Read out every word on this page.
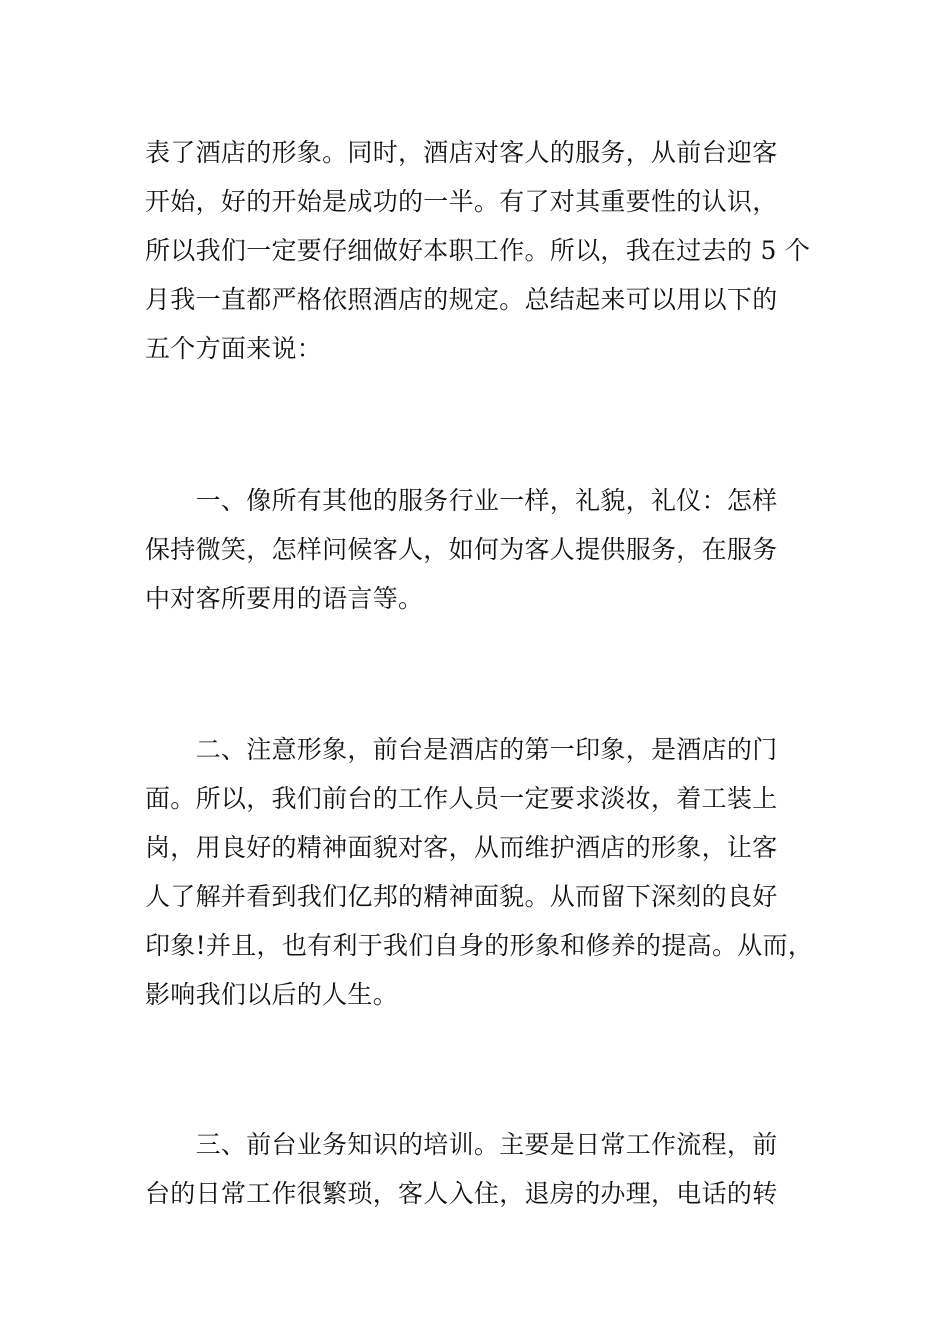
表了酒店的形象。同时，酒店对客人的服务，从前台迎客
开始，好的开始是成功的一半。有了对其重要性的认识，
所以我们一定要仔细做好本职工作。所以，我在过去的 5 个
月我一直都严格依照酒店的规定。总结起来可以用以下的
五个方面来说：
　　一、像所有其他的服务行业一样，礼貌，礼仪：怎样
保持微笑，怎样问候客人，如何为客人提供服务，在服务
中对客所要用的语言等。
　　二、注意形象，前台是酒店的第一印象，是酒店的门
面。所以，我们前台的工作人员一定要求淡妆，着工装上
岗，用良好的精神面貌对客，从而维护酒店的形象，让客
人了解并看到我们亿邦的精神面貌。从而留下深刻的良好
印象!并且，也有利于我们自身的形象和修养的提高。从而，
影响我们以后的人生。
　　三、前台业务知识的培训。主要是日常工作流程，前
台的日常工作很繁琐，客人入住，退房的办理，电话的转
